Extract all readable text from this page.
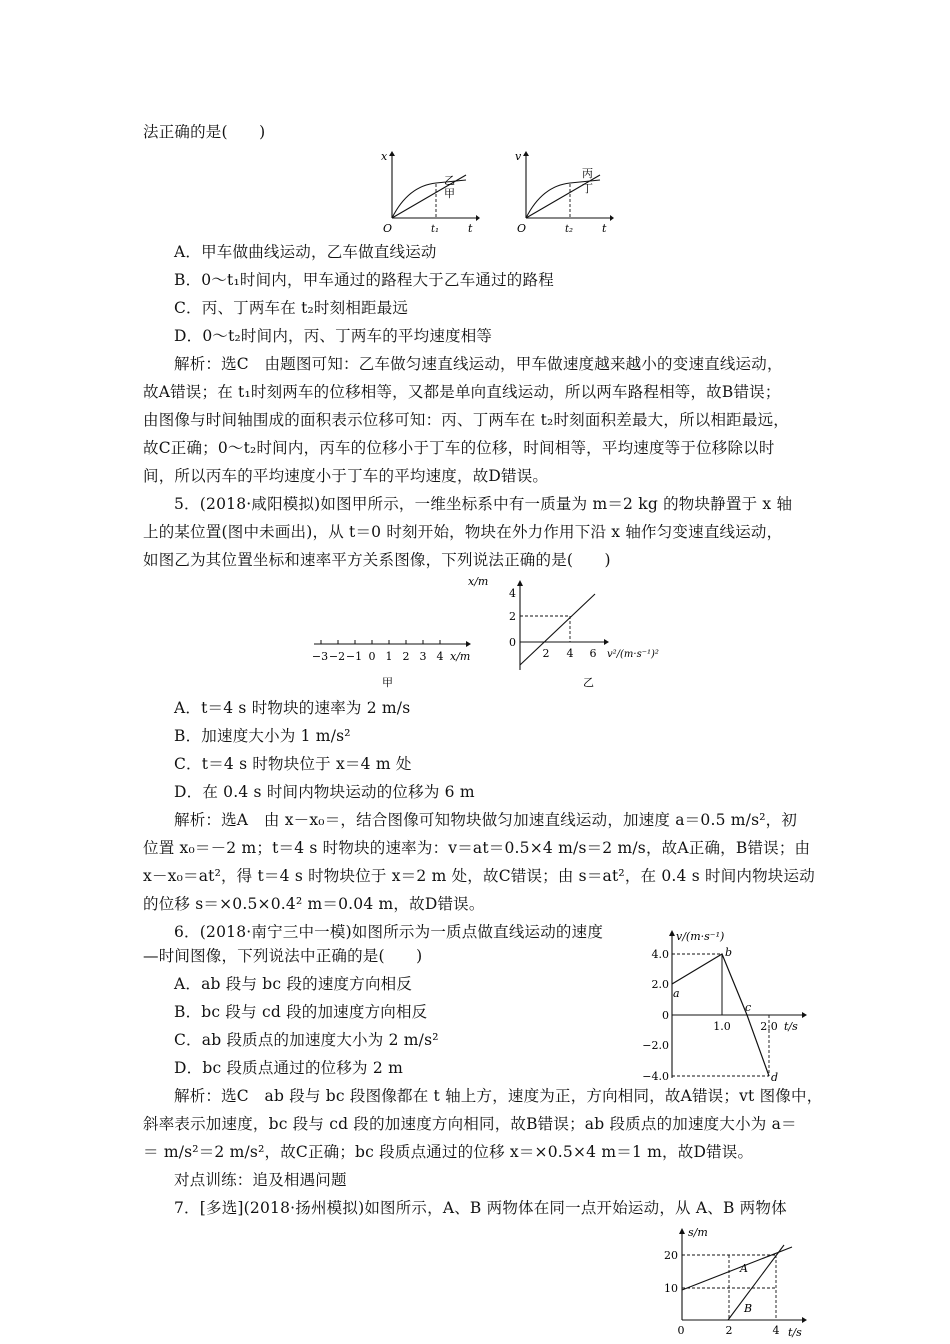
法正确的是(　　)
x
t
O	t₁
乙
甲
v
t
O	t₂
丙
丁
A．甲车做曲线运动，乙车做直线运动
B．0～t₁时间内，甲车通过的路程大于乙车通过的路程
C．丙、丁两车在 t₂时刻相距最远
D．0～t₂时间内，丙、丁两车的平均速度相等
解析：选C　由题图可知：乙车做匀速直线运动，甲车做速度越来越小的变速直线运动，
故A错误；在 t₁时刻两车的位移相等，又都是单向直线运动，所以两车路程相等，故B错误；
由图像与时间轴围成的面积表示位移可知：丙、丁两车在 t₂时刻面积差最大，所以相距最远，
故C正确；0～t₂时间内，丙车的位移小于丁车的位移，时间相等，平均速度等于位移除以时
间，所以丙车的平均速度小于丁车的平均速度，故D错误。
5．(2018·咸阳模拟)如图甲所示，一维坐标系中有一质量为 m＝2 kg 的物块静置于 x 轴
上的某位置(图中未画出)，从 t＝0 时刻开始，物块在外力作用下沿 x 轴作匀变速直线运动，
如图乙为其位置坐标和速率平方关系图像，下列说法正确的是(　　)
−3 −2 −1 0 1 2 3 4 x/m
甲
x/m
4
2
0
2 4 6 v²/(m·s⁻¹)²
乙
A．t＝4 s 时物块的速率为 2 m/s
B．加速度大小为 1 m/s²
C．t＝4 s 时物块位于 x＝4 m 处
D．在 0.4 s 时间内物块运动的位移为 6 m
解析：选A　由 x－x₀＝，结合图像可知物块做匀加速直线运动，加速度 a＝0.5 m/s²，初
位置 x₀＝－2 m；t＝4 s 时物块的速率为：v＝at＝0.5×4 m/s＝2 m/s，故A正确，B错误；由
x－x₀＝at²，得 t＝4 s 时物块位于 x＝2 m 处，故C错误；由 s＝at²，在 0.4 s 时间内物块运动
的位移 s＝×0.5×0.4² m＝0.04 m，故D错误。
6．(2018·南宁三中一模)如图所示为一质点做直线运动的速度
—时间图像，下列说法中正确的是(　　)
A．ab 段与 bc 段的速度方向相反
B．bc 段与 cd 段的加速度方向相反
C．ab 段质点的加速度大小为 2 m/s²
D．bc 段质点通过的位移为 2 m
v/(m·s⁻¹)
4.0
2.0
0
−2.0
−4.0
1.0	2.0 t/s
a
b
c
d
解析：选C　ab 段与 bc 段图像都在 t 轴上方，速度为正，方向相同，故A错误；vt 图像中，
斜率表示加速度，bc 段与 cd 段的加速度方向相同，故B错误；ab 段质点的加速度大小为 a＝
＝ m/s²＝2 m/s²，故C正确；bc 段质点通过的位移 x＝×0.5×4 m＝1 m，故D错误。
对点训练：追及相遇问题
7．[多选](2018·扬州模拟)如图所示，A、B 两物体在同一点开始运动，从 A、B 两物体
s/m
20
10
0	2	4 t/s
A
B
